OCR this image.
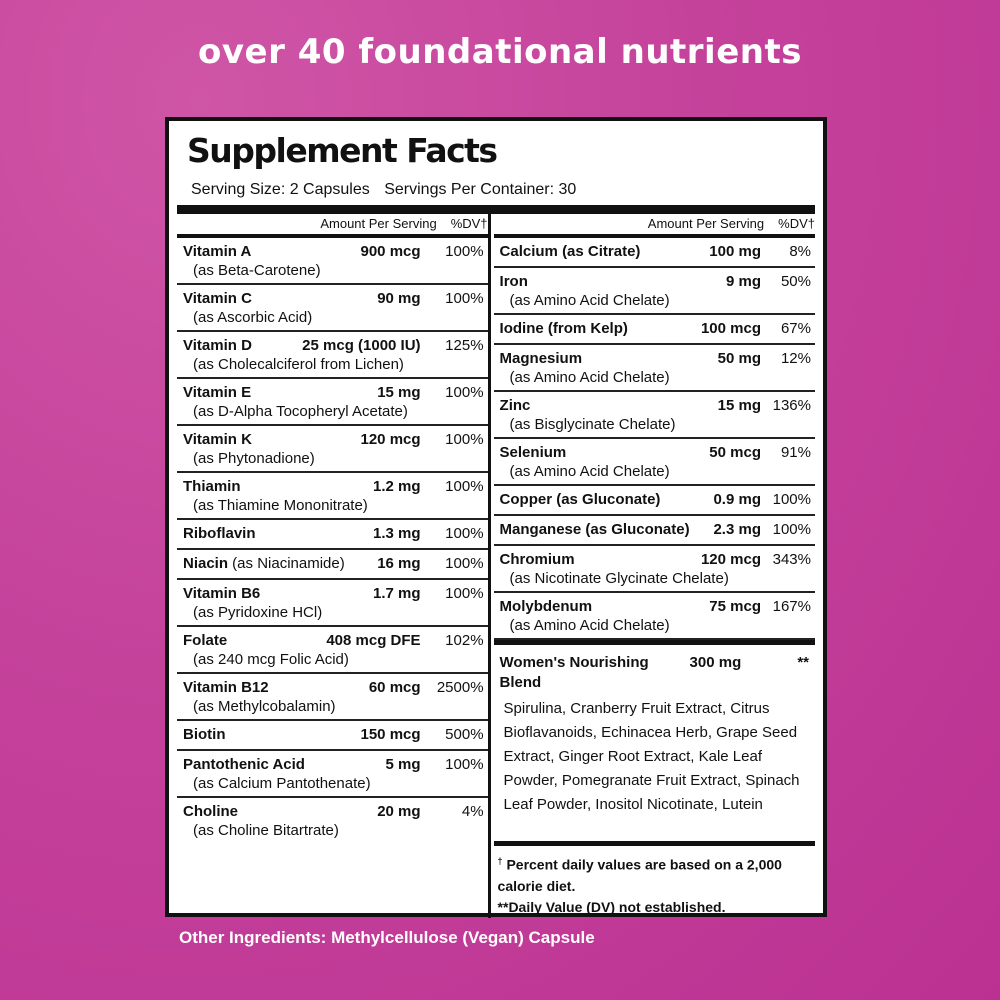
over 40 foundational nutrients
Supplement Facts
Serving Size: 2 Capsules Servings Per Container: 30
Amount Per Serving %DV†
Vitamin A	900 mcg	100%
(as Beta-Carotene)
Vitamin C	90 mg	100%
(as Ascorbic Acid)
Vitamin D	25 mcg (1000 IU)	125%
(as Cholecalciferol from Lichen)
Vitamin E	15 mg	100%
(as D-Alpha Tocopheryl Acetate)
Vitamin K	120 mcg	100%
(as Phytonadione)
Thiamin	1.2 mg	100%
(as Thiamine Mononitrate)
Riboflavin	1.3 mg	100%
Niacin (as Niacinamide)	16 mg	100%
Vitamin B6	1.7 mg	100%
(as Pyridoxine HCl)
Folate	408 mcg DFE	102%
(as 240 mcg Folic Acid)
Vitamin B12	60 mcg	2500%
(as Methylcobalamin)
Biotin	150 mcg	500%
Pantothenic Acid	5 mg	100%
(as Calcium Pantothenate)
Choline	20 mg	4%
(as Choline Bitartrate)
Amount Per Serving %DV†
Calcium (as Citrate)	100 mg	8%
Iron	9 mg	50%
(as Amino Acid Chelate)
Iodine (from Kelp)	100 mcg	67%
Magnesium	50 mg	12%
(as Amino Acid Chelate)
Zinc	15 mg 136%
(as Bisglycinate Chelate)
Selenium	50 mcg	91%
(as Amino Acid Chelate)
Copper (as Gluconate)	0.9 mg 100%
Manganese (as Gluconate)	2.3 mg 100%
Chromium	120 mcg 343%
(as Nicotinate Glycinate Chelate)
Molybdenum	75 mcg 167%
(as Amino Acid Chelate)
Women's Nourishing Blend
300 mg	**
Spirulina, Cranberry Fruit Extract, Citrus Bioflavanoids, Echinacea Herb, Grape Seed Extract, Ginger Root Extract, Kale Leaf Powder, Pomegranate Fruit Extract, Spinach Leaf Powder, Inositol Nicotinate, Lutein
† Percent daily values are based on a 2,000 calorie diet.
**Daily Value (DV) not established.
Other Ingredients: Methylcellulose (Vegan) Capsule
